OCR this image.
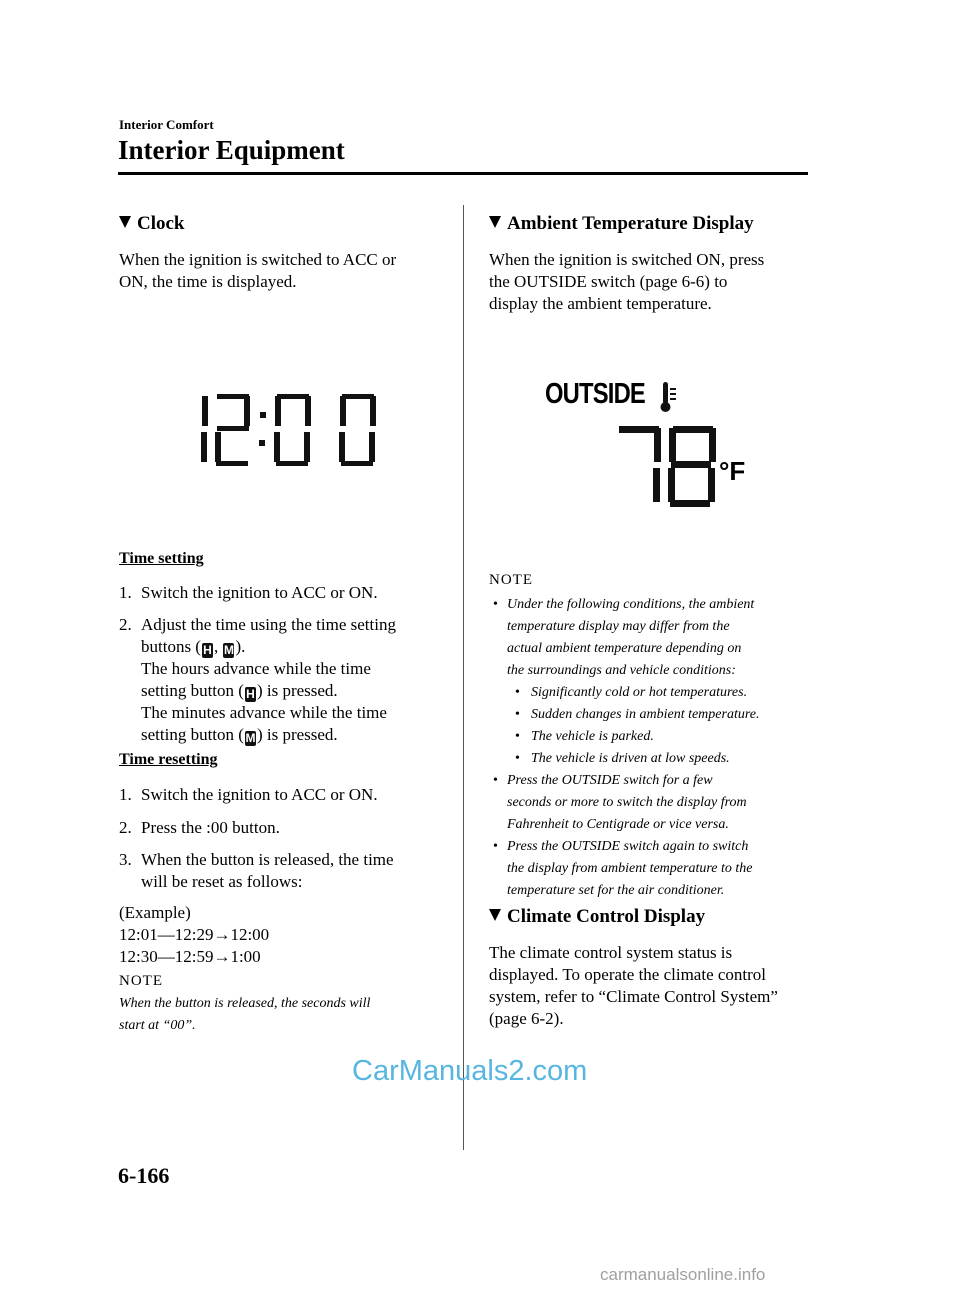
Interior Comfort
Interior Equipment
Clock
When the ignition is switched to ACC or
ON, the time is displayed.
Time setting
1. Switch the ignition to ACC or ON.
2. Adjust the time using the time setting
buttons ( H , M).
The hours advance while the time
setting button ( H ) is pressed.
The minutes advance while the time
setting button ( M) is pressed.
Time resetting
1. Switch the ignition to ACC or ON.
2. Press the :00 button.
3. When the button is released, the time
will be reset as follows:
(Example)
12:01―12:29→12:00
12:30―12:59→1:00
NOTE
When the button is released, the seconds will
start at “00”.
Ambient Temperature Display
When the ignition is switched ON, press
the OUTSIDE switch (page 6-6) to
display the ambient temperature.
OUTSIDE
°F
NOTE
• Under the following conditions, the ambient
temperature display may differ from the
actual ambient temperature depending on
the surroundings and vehicle conditions:
• Significantly cold or hot temperatures.
• Sudden changes in ambient temperature.
• The vehicle is parked.
• The vehicle is driven at low speeds.
• Press the OUTSIDE switch for a few
seconds or more to switch the display from
Fahrenheit to Centigrade or vice versa.
• Press the OUTSIDE switch again to switch
the display from ambient temperature to the
temperature set for the air conditioner.
Climate Control Display
The climate control system status is
displayed. To operate the climate control
system, refer to “Climate Control System”
(page 6-2).
CarManuals2.com
6-166
carmanualsonline.info
